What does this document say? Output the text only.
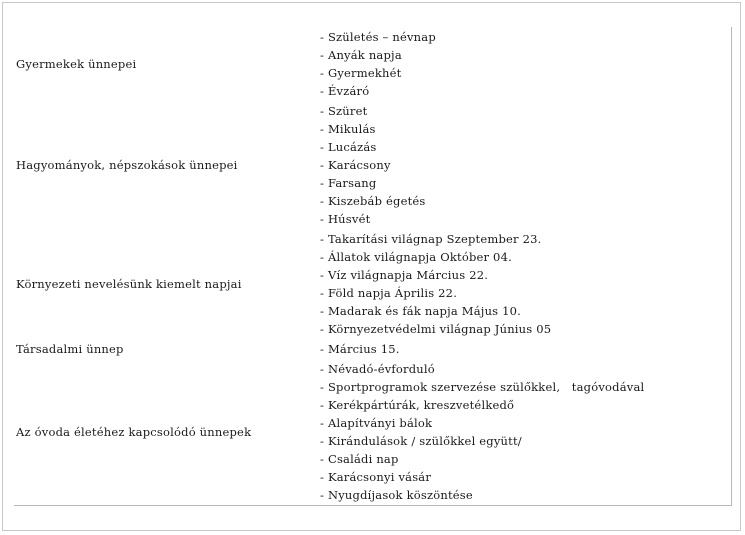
Gyermekek ünnepei
- Születés – névnap
- Anyák napja
- Gyermekhét
- Évzáró
Hagyományok, népszokások ünnepei
- Szüret
- Mikulás
- Lucázás
- Karácsony
- Farsang
- Kiszebáb égetés
- Húsvét
Környezeti nevelésünk kiemelt napjai
- Takarítási világnap Szeptember 23.
- Állatok világnapja Október 04.
- Víz világnapja Március 22.
- Föld napja Április 22.
- Madarak és fák napja Május 10.
- Környezetvédelmi világnap Június 05
Társadalmi ünnep	- Március 15.
Az óvoda életéhez kapcsolódó ünnepek
- Névadó-évforduló
- Sportprogramok szervezése szülőkkel,   tagóvodával
- Kerékpártúrák, kreszvetélkedő
- Alapítványi bálok
- Kirándulások / szülőkkel együtt/
- Családi nap
- Karácsonyi vásár
- Nyugdíjasok köszöntése
